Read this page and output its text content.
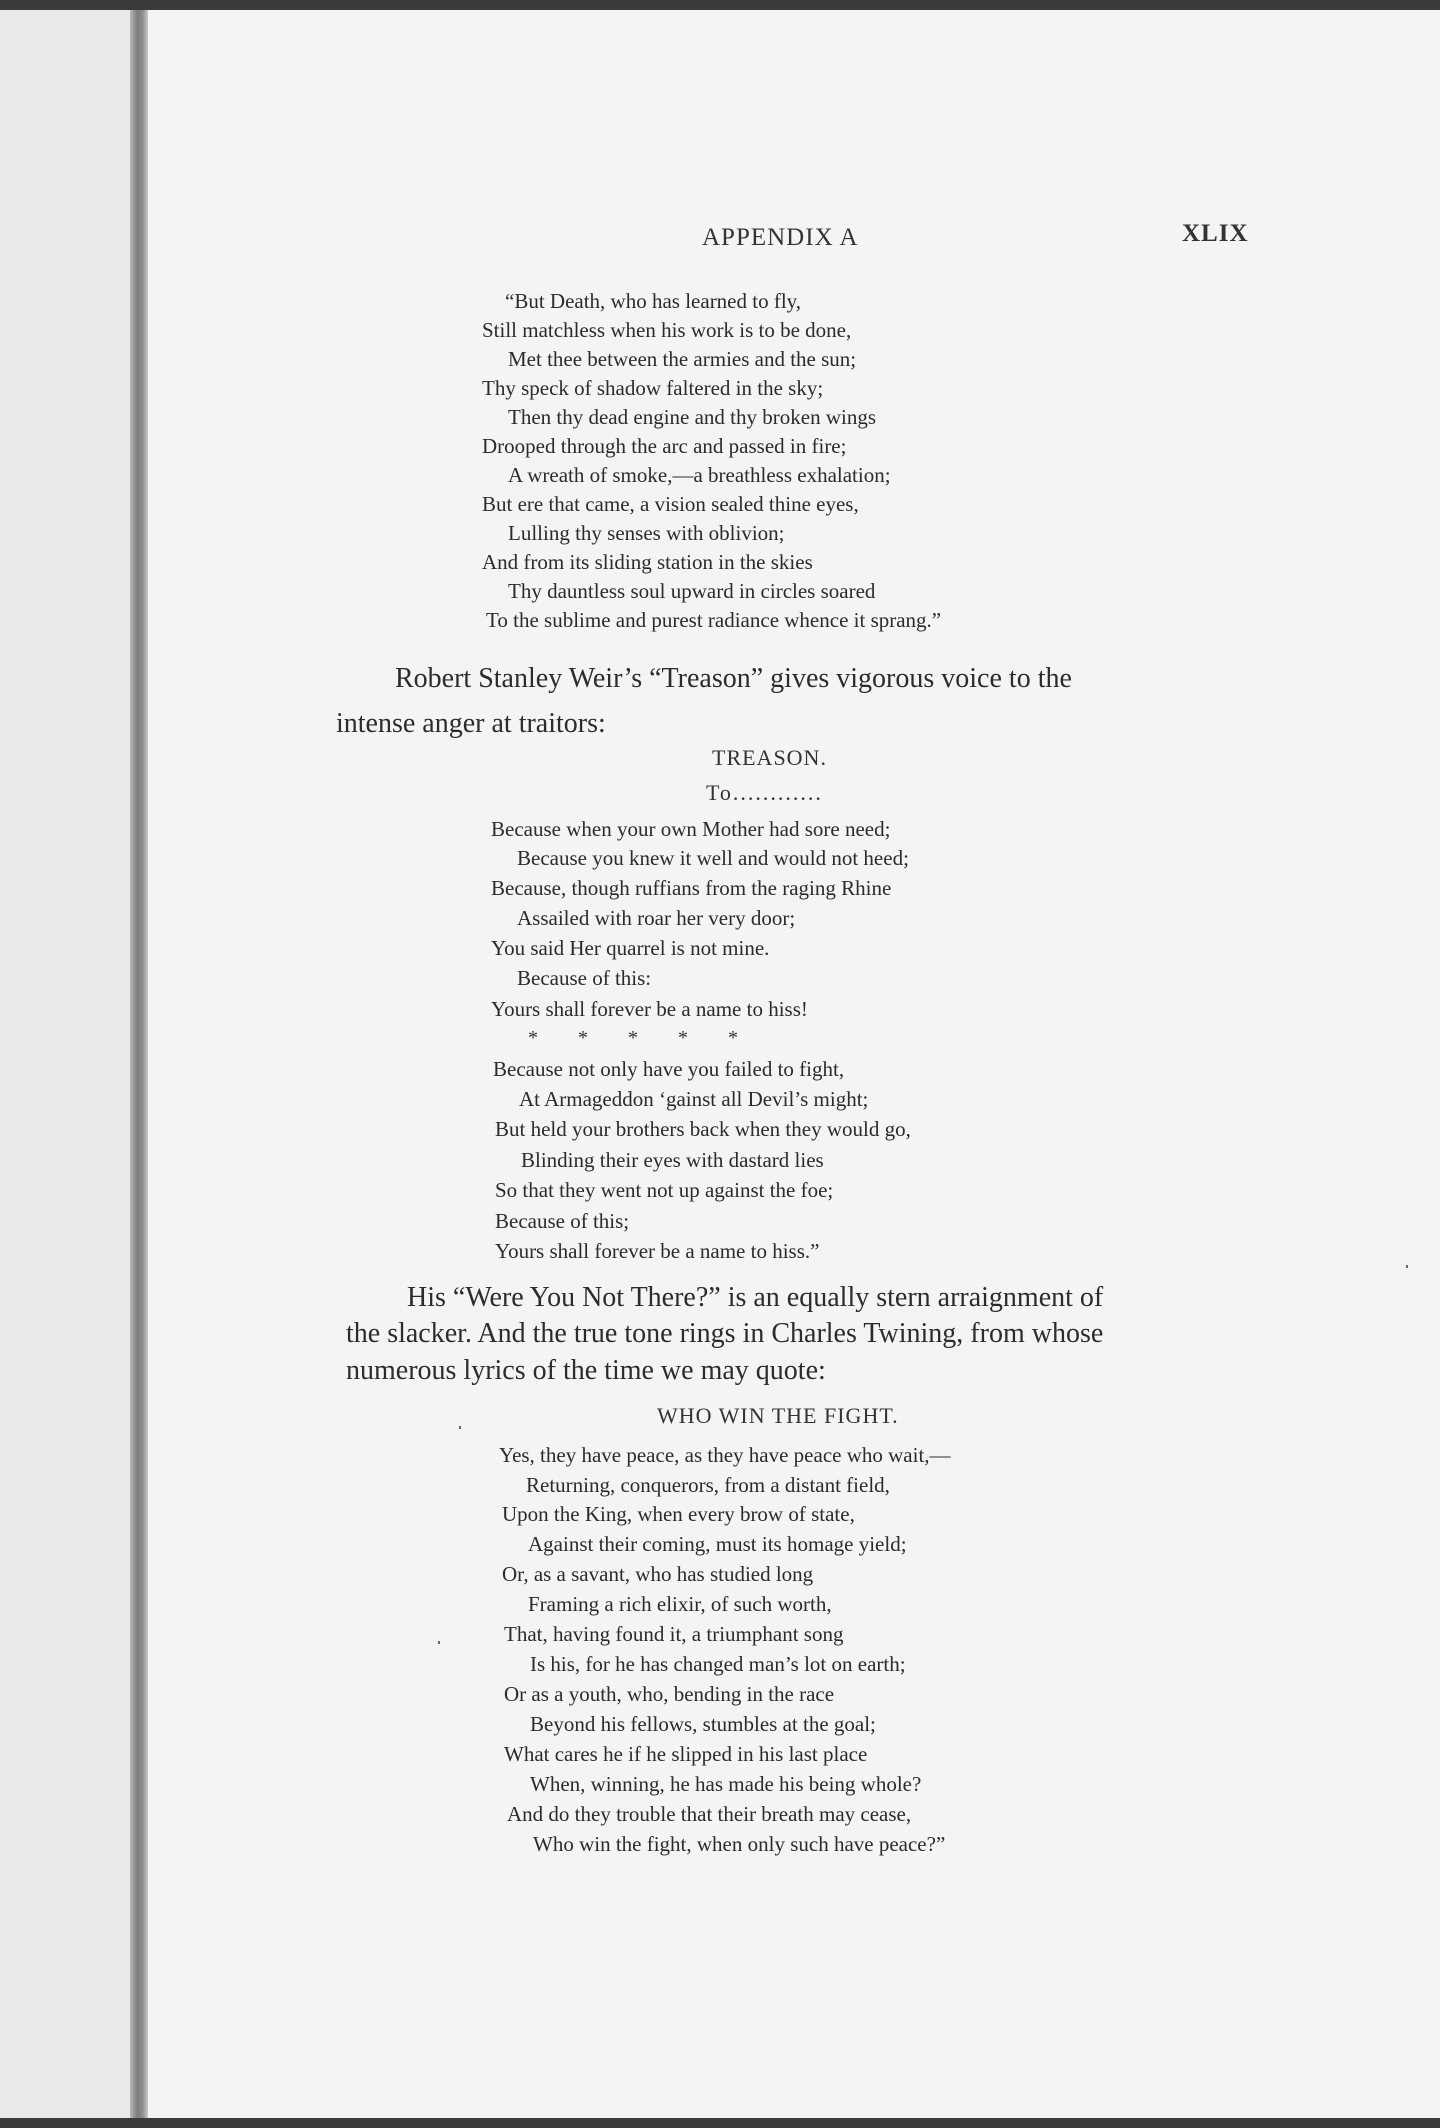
APPENDIX A	XLIX
“But Death, who has learned to fly,
Still matchless when his work is to be done,
Met thee between the armies and the sun;
Thy speck of shadow faltered in the sky;
Then thy dead engine and thy broken wings
Drooped through the arc and passed in fire;
A wreath of smoke,—a breathless exhalation;
But ere that came, a vision sealed thine eyes,
Lulling thy senses with oblivion;
And from its sliding station in the skies
Thy dauntless soul upward in circles soared
To the sublime and purest radiance whence it sprang.”
Robert Stanley Weir’s “Treason” gives vigorous voice to the
intense anger at traitors:
TREASON.
To............
Because when your own Mother had sore need;
Because you knew it well and would not heed;
Because, though ruffians from the raging Rhine
Assailed with roar her very door;
You said Her quarrel is not mine.
Because of this:
Yours shall forever be a name to hiss!
*        *        *        *        *
Because not only have you failed to fight,
At Armageddon ‘gainst all Devil’s might;
But held your brothers back when they would go,
Blinding their eyes with dastard lies
So that they went not up against the foe;
Because of this;
Yours shall forever be a name to hiss.”
His “Were You Not There?” is an equally stern arraignment of
the slacker. And the true tone rings in Charles Twining, from whose
numerous lyrics of the time we may quote:
WHO WIN THE FIGHT.
Yes, they have peace, as they have peace who wait,—
Returning, conquerors, from a distant field,
Upon the King, when every brow of state,
Against their coming, must its homage yield;
Or, as a savant, who has studied long
Framing a rich elixir, of such worth,
That, having found it, a triumphant song
Is his, for he has changed man’s lot on earth;
Or as a youth, who, bending in the race
Beyond his fellows, stumbles at the goal;
What cares he if he slipped in his last place
When, winning, he has made his being whole?
And do they trouble that their breath may cease,
Who win the fight, when only such have peace?”
